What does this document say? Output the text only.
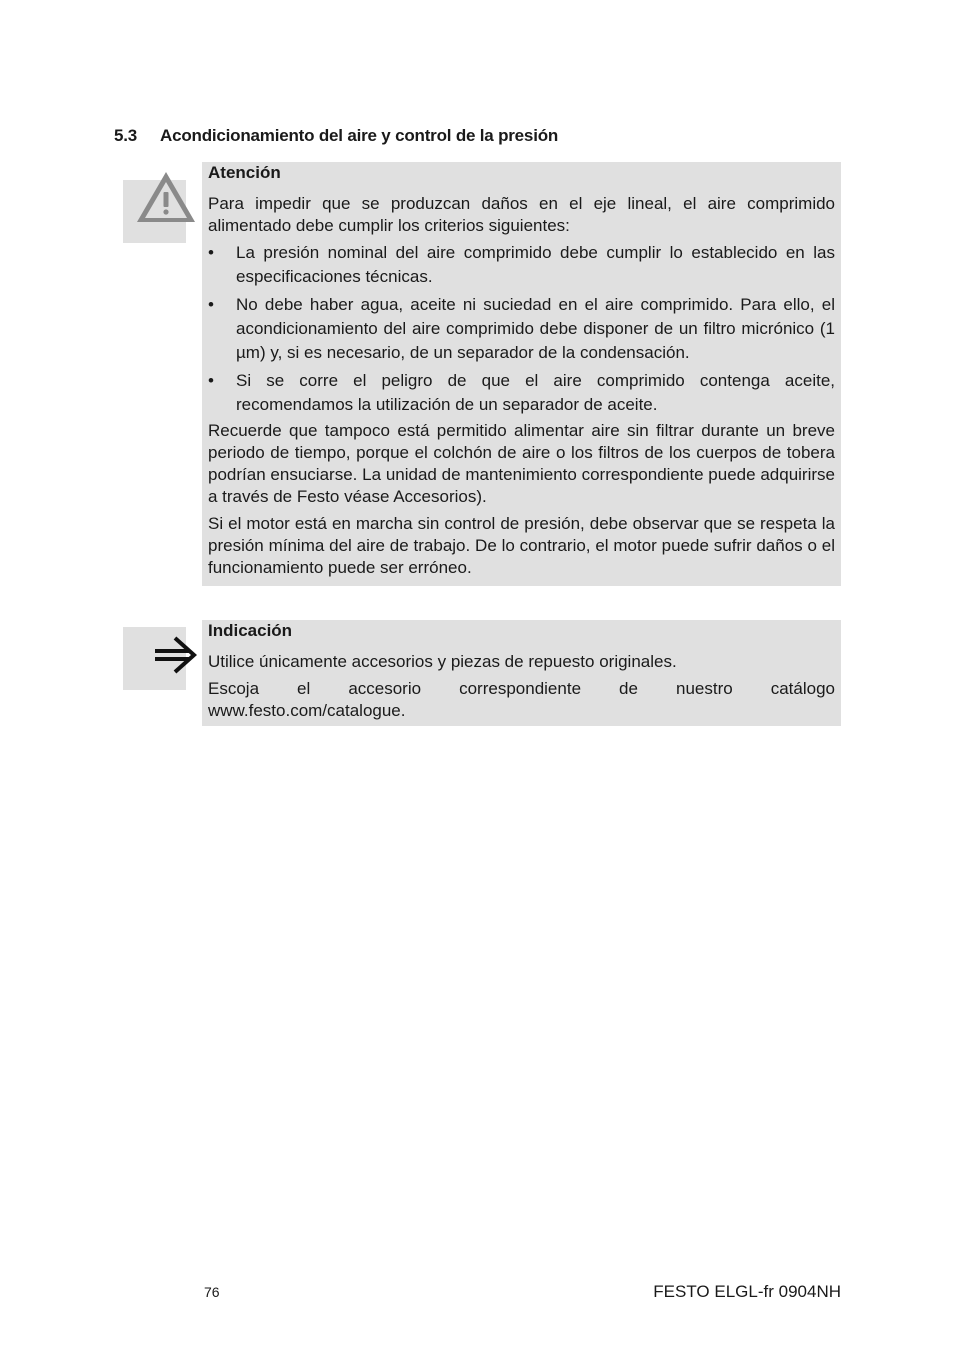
5.3 Acondicionamiento del aire y control de la presión
Atención

Para impedir que se produzcan daños en el eje lineal, el aire comprimido alimentado debe cumplir los criterios siguientes:

• La presión nominal del aire comprimido debe cumplir lo establecido en las especificaciones técnicas.
• No debe haber agua, aceite ni suciedad en el aire comprimido. Para ello, el acondicionamiento del aire comprimido debe disponer de un filtro micrónico (1 µm) y, si es necesario, de un separador de la condensación.
• Si se corre el peligro de que el aire comprimido contenga aceite, recomendamos la utilización de un separador de aceite.

Recuerde que tampoco está permitido alimentar aire sin filtrar durante un breve periodo de tiempo, porque el colchón de aire o los filtros de los cuerpos de tobera podrían ensuciarse. La unidad de mantenimiento correspondiente puede adquirirse a través de Festo véase Accesorios).

Si el motor está en marcha sin control de presión, debe observar que se respeta la presión mínima del aire de trabajo. De lo contrario, el motor puede sufrir daños o el funcionamiento puede ser erróneo.

Indicación

Utilice únicamente accesorios y piezas de repuesto originales.

Escoja el accesorio correspondiente de nuestro catálogo www.festo.com/catalogue.

76	FESTO ELGL-fr 0904NH
